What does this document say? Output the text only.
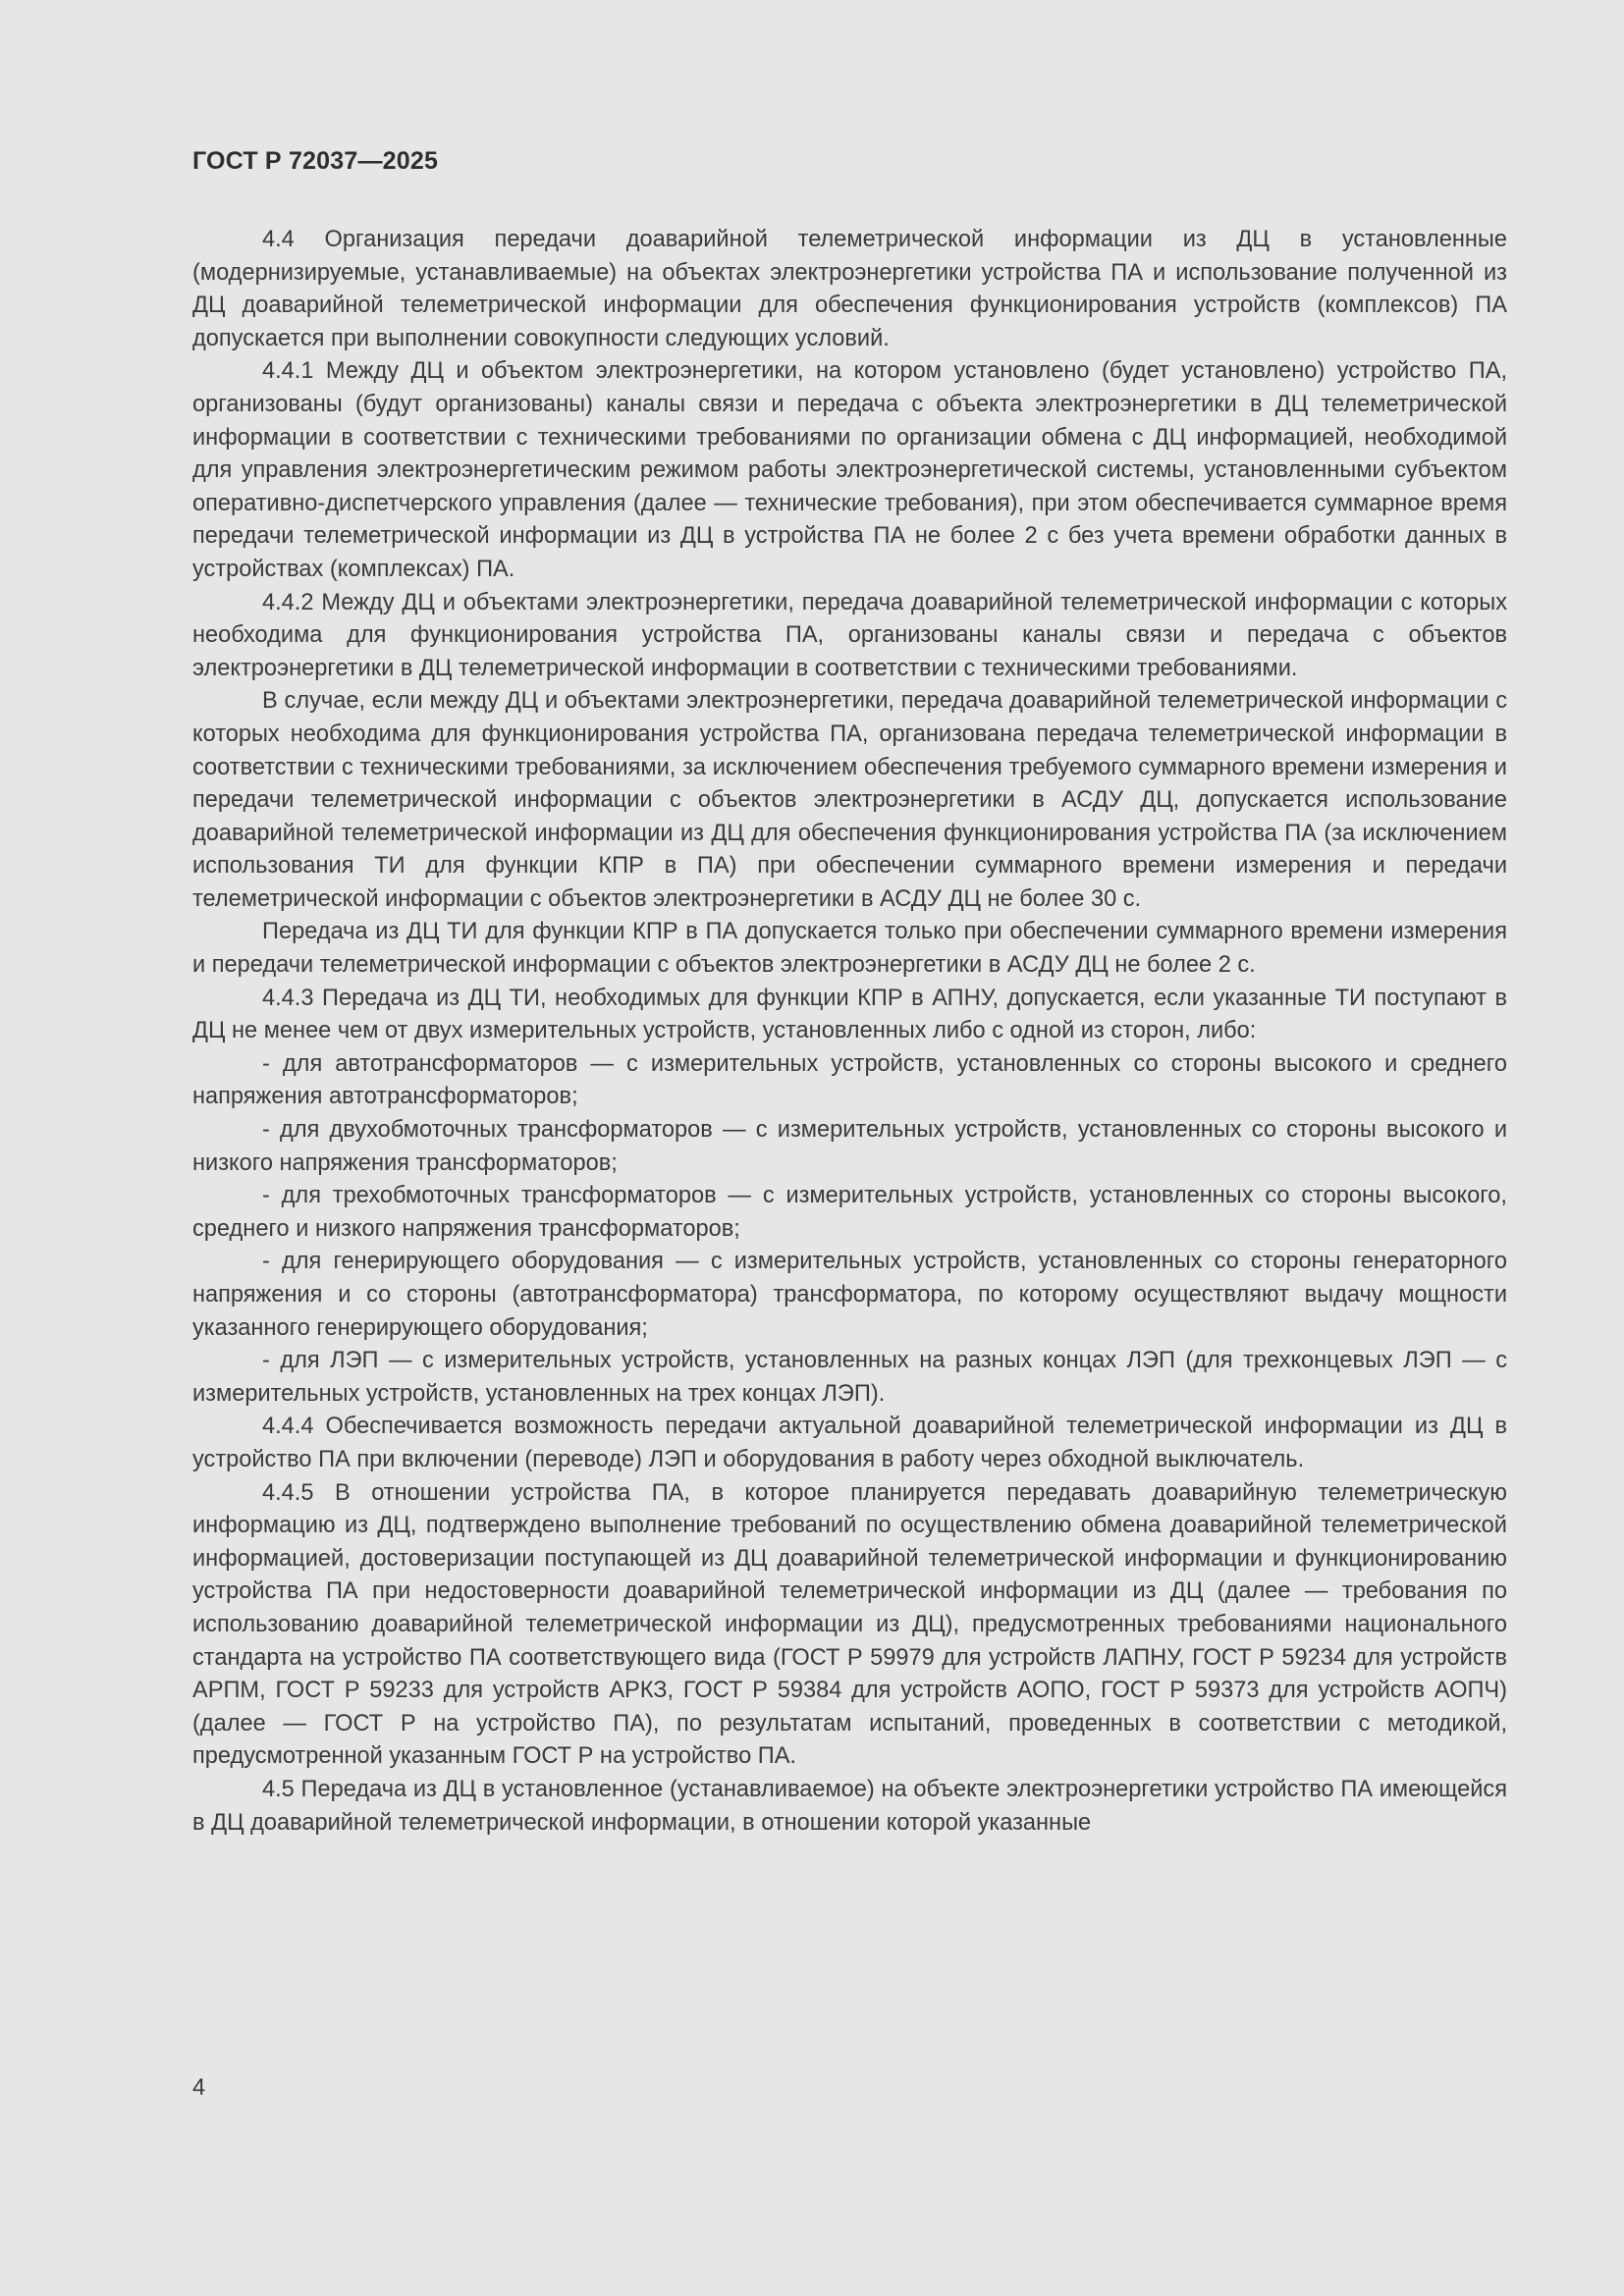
ГОСТ Р 72037—2025

4.4 Организация передачи доаварийной телеметрической информации из ДЦ в установленные (модернизируемые, устанавливаемые) на объектах электроэнергетики устройства ПА и использование полученной из ДЦ доаварийной телеметрической информации для обеспечения функционирования устройств (комплексов) ПА допускается при выполнении совокупности следующих условий.

4.4.1 Между ДЦ и объектом электроэнергетики, на котором установлено (будет установлено) устройство ПА, организованы (будут организованы) каналы связи и передача с объекта электроэнергетики в ДЦ телеметрической информации в соответствии с техническими требованиями по организации обмена с ДЦ информацией, необходимой для управления электроэнергетическим режимом работы электроэнергетической системы, установленными субъектом оперативно-диспетчерского управления (далее — технические требования), при этом обеспечивается суммарное время передачи телеметрической информации из ДЦ в устройства ПА не более 2 с без учета времени обработки данных в устройствах (комплексах) ПА.

4.4.2 Между ДЦ и объектами электроэнергетики, передача доаварийной телеметрической информации с которых необходима для функционирования устройства ПА, организованы каналы связи и передача с объектов электроэнергетики в ДЦ телеметрической информации в соответствии с техническими требованиями.

В случае, если между ДЦ и объектами электроэнергетики, передача доаварийной телеметрической информации с которых необходима для функционирования устройства ПА, организована передача телеметрической информации в соответствии с техническими требованиями, за исключением обеспечения требуемого суммарного времени измерения и передачи телеметрической информации с объектов электроэнергетики в АСДУ ДЦ, допускается использование доаварийной телеметрической информации из ДЦ для обеспечения функционирования устройства ПА (за исключением использования ТИ для функции КПР в ПА) при обеспечении суммарного времени измерения и передачи телеметрической информации с объектов электроэнергетики в АСДУ ДЦ не более 30 с.

Передача из ДЦ ТИ для функции КПР в ПА допускается только при обеспечении суммарного времени измерения и передачи телеметрической информации с объектов электроэнергетики в АСДУ ДЦ не более 2 с.

4.4.3 Передача из ДЦ ТИ, необходимых для функции КПР в АПНУ, допускается, если указанные ТИ поступают в ДЦ не менее чем от двух измерительных устройств, установленных либо с одной из сторон, либо:

- для автотрансформаторов — с измерительных устройств, установленных со стороны высокого и среднего напряжения автотрансформаторов;

- для двухобмоточных трансформаторов — с измерительных устройств, установленных со стороны высокого и низкого напряжения трансформаторов;

- для трехобмоточных трансформаторов — с измерительных устройств, установленных со стороны высокого, среднего и низкого напряжения трансформаторов;

- для генерирующего оборудования — с измерительных устройств, установленных со стороны генераторного напряжения и со стороны (автотрансформатора) трансформатора, по которому осуществляют выдачу мощности указанного генерирующего оборудования;

- для ЛЭП — с измерительных устройств, установленных на разных концах ЛЭП (для трехконцевых ЛЭП — с измерительных устройств, установленных на трех концах ЛЭП).

4.4.4 Обеспечивается возможность передачи актуальной доаварийной телеметрической информации из ДЦ в устройство ПА при включении (переводе) ЛЭП и оборудования в работу через обходной выключатель.

4.4.5 В отношении устройства ПА, в которое планируется передавать доаварийную телеметрическую информацию из ДЦ, подтверждено выполнение требований по осуществлению обмена доаварийной телеметрической информацией, достоверизации поступающей из ДЦ доаварийной телеметрической информации и функционированию устройства ПА при недостоверности доаварийной телеметрической информации из ДЦ (далее — требования по использованию доаварийной телеметрической информации из ДЦ), предусмотренных требованиями национального стандарта на устройство ПА соответствующего вида (ГОСТ Р 59979 для устройств ЛАПНУ, ГОСТ Р 59234 для устройств АРПМ, ГОСТ Р 59233 для устройств АРКЗ, ГОСТ Р 59384 для устройств АОПО, ГОСТ Р 59373 для устройств АОПЧ) (далее — ГОСТ Р на устройство ПА), по результатам испытаний, проведенных в соответствии с методикой, предусмотренной указанным ГОСТ Р на устройство ПА.

4.5 Передача из ДЦ в установленное (устанавливаемое) на объекте электроэнергетики устройство ПА имеющейся в ДЦ доаварийной телеметрической информации, в отношении которой указанные

4
